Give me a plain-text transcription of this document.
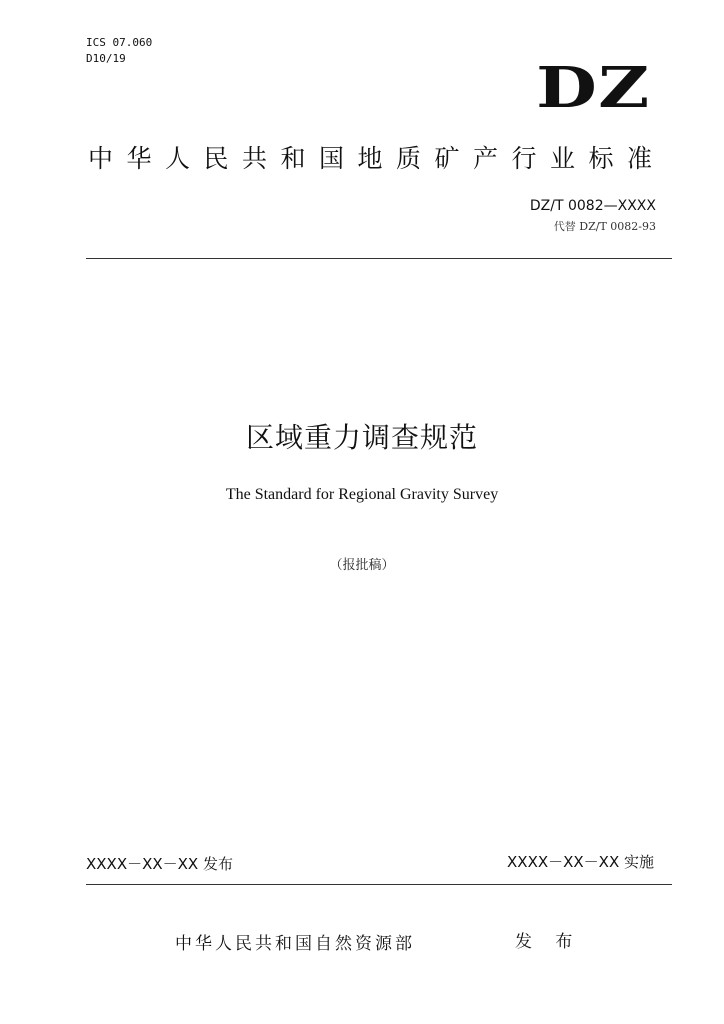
ICS 07.060
D10/19	DZ
中华人民共和国地质矿产行业标准
DZ/T 0082—XXXX
代替 DZ/T 0082-93
区域重力调查规范
The Standard for Regional Gravity Survey
（报批稿）
XXXX－XX－XX 发布	XXXX－XX－XX 实施
中华人民共和国自然资源部	发 布
